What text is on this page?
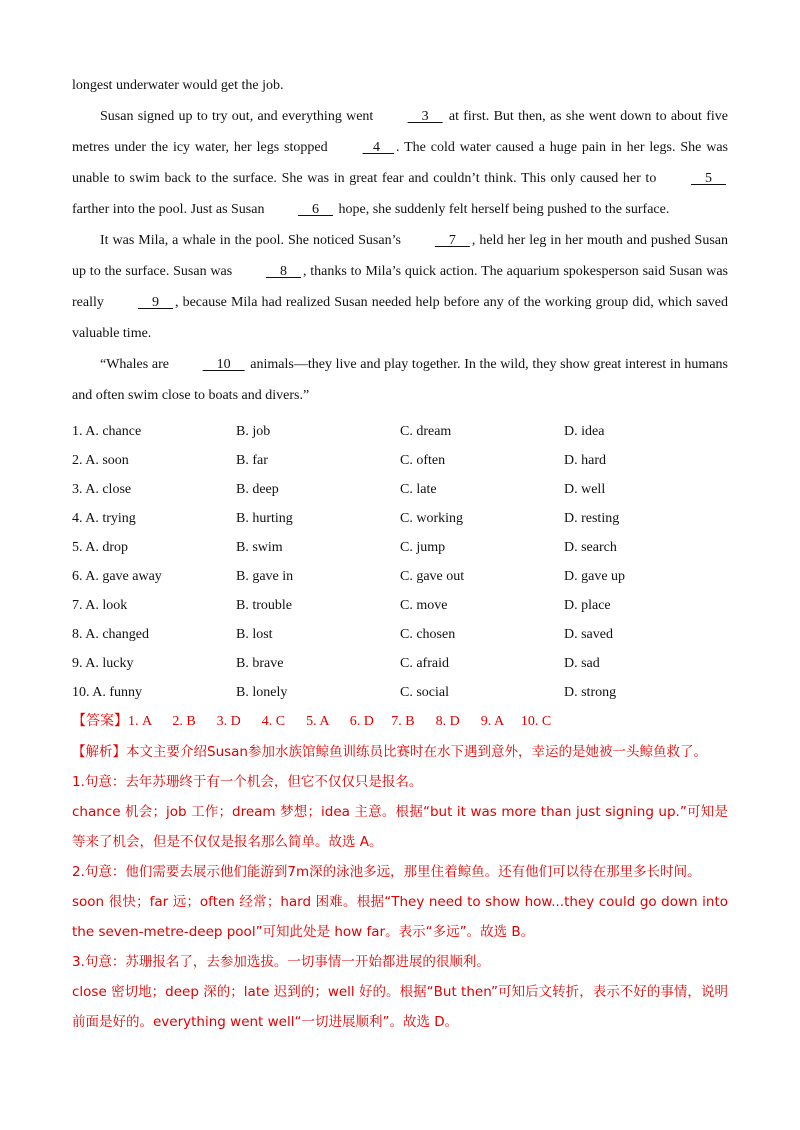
longest underwater would get the job.

Susan signed up to try out, and everything went     3     at first. But then, as she went down to about five metres under the icy water, her legs stopped    4    . The cold water caused a huge pain in her legs. She was unable to swim back to the surface. She was in great fear and couldn’t think. This only caused her to     5     farther into the pool. Just as Susan     6     hope, she suddenly felt herself being pushed to the surface.

It was Mila, a whale in the pool. She noticed Susan’s     7    , held her leg in her mouth and pushed Susan up to the surface. Susan was     8    , thanks to Mila’s quick action. The aquarium spokesperson said Susan was really     9    , because Mila had realized Susan needed help before any of the working group did, which saved valuable time.

“Whales are     10     animals—they live and play together. In the wild, they show great interest in humans and often swim close to boats and divers.”

1. A. chance	B. job	C. dream	D. idea
2. A. soon	B. far	C. often	D. hard
3. A. close	B. deep	C. late	D. well
4. A. trying	B. hurting	C. working	D. resting
5. A. drop	B. swim	C. jump	D. search
6. A. gave away	B. gave in	C. gave out	D. gave up
7. A. look	B. trouble	C. move	D. place
8. A. changed	B. lost	C. chosen	D. saved
9. A. lucky	B. brave	C. afraid	D. sad
10. A. funny	B. lonely	C. social	D. strong

【答案】1. A      2. B      3. D      4. C      5. A      6. D     7. B      8. D      9. A     10. C

【解析】本文主要介绍Susan参加水族馆鲸鱼训练员比赛时在水下遇到意外，幸运的是她被一头鲸鱼救了。

1.句意：去年苏珊终于有一个机会，但它不仅仅只是报名。

chance 机会；job 工作；dream 梦想；idea 主意。根据“but it was more than just signing up.”可知是等来了机会，但是不仅仅是报名那么简单。故选 A。

2.句意：他们需要去展示他们能游到7m深的泳池多远，那里住着鲸鱼。还有他们可以待在那里多长时间。

soon 很快；far 远；often 经常；hard 困难。根据“They need to show how...they could go down into the seven-metre-deep pool”可知此处是 how far。表示“多远”。故选 B。

3.句意：苏珊报名了，去参加选拔。一切事情一开始都进展的很顺利。

close 密切地；deep 深的；late 迟到的；well 好的。根据“But then”可知后文转折，表示不好的事情，说明前面是好的。everything went well“一切进展顺利”。故选 D。
